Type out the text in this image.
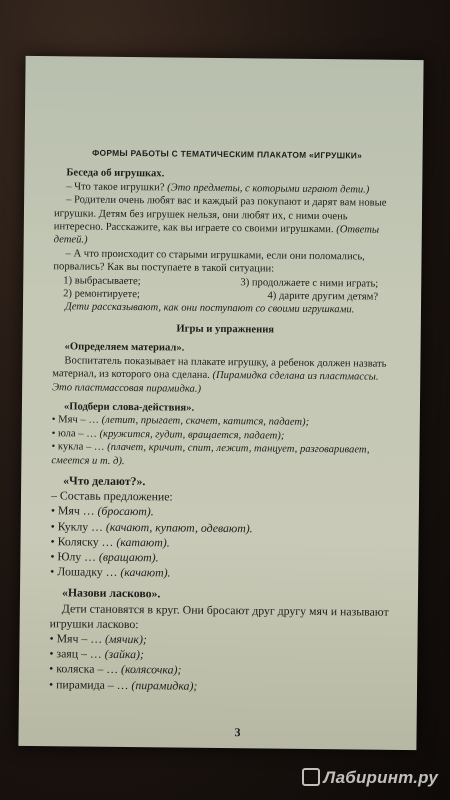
ФОРМЫ РАБОТЫ С ТЕМАТИЧЕСКИМ ПЛАКАТОМ «ИГРУШКИ»

Беседа об игрушках.

– Что такое игрушки? (Это предметы, с которыми играют дети.)

– Родители очень любят вас и каждый раз покупают и дарят вам новые игрушки. Детям без игрушек нельзя, они любят их, с ними очень интересно. Расскажите, как вы играете со своими игрушками. (Ответы детей.)

– А что происходит со старыми игрушками, если они поломались, порвались? Как вы поступаете в такой ситуации:

1) выбрасываете;	3) продолжаете с ними играть;
2) ремонтируете;	4) дарите другим детям?

Дети рассказывают, как они поступают со своими игрушками.

Игры и упражнения

«Определяем материал».

Воспитатель показывает на плакате игрушку, а ребенок должен назвать материал, из которого она сделана. (Пирамидка сделана из пластмассы. Это пластмассовая пирамидка.)

«Подбери слова-действия».

• Мяч – … (летит, прыгает, скачет, катится, падает);

• юла – … (кружится, гудит, вращается, падает);

• кукла – … (плачет, кричит, спит, лежит, танцует, разговаривает, смеется и т. д).

«Что делают?».

– Составь предложение:

• Мяч … (бросают).

• Куклу … (качают, купают, одевают).

• Коляску … (катают).

• Юлу … (вращают).

• Лошадку … (качают).

«Назови ласково».

Дети становятся в круг. Они бросают друг другу мяч и называют игрушки ласково:

• Мяч – … (мячик);

• заяц – … (зайка);

• коляска – … (колясочка);

• пирамида – … (пирамидка);

3
Лабиринт.ру
